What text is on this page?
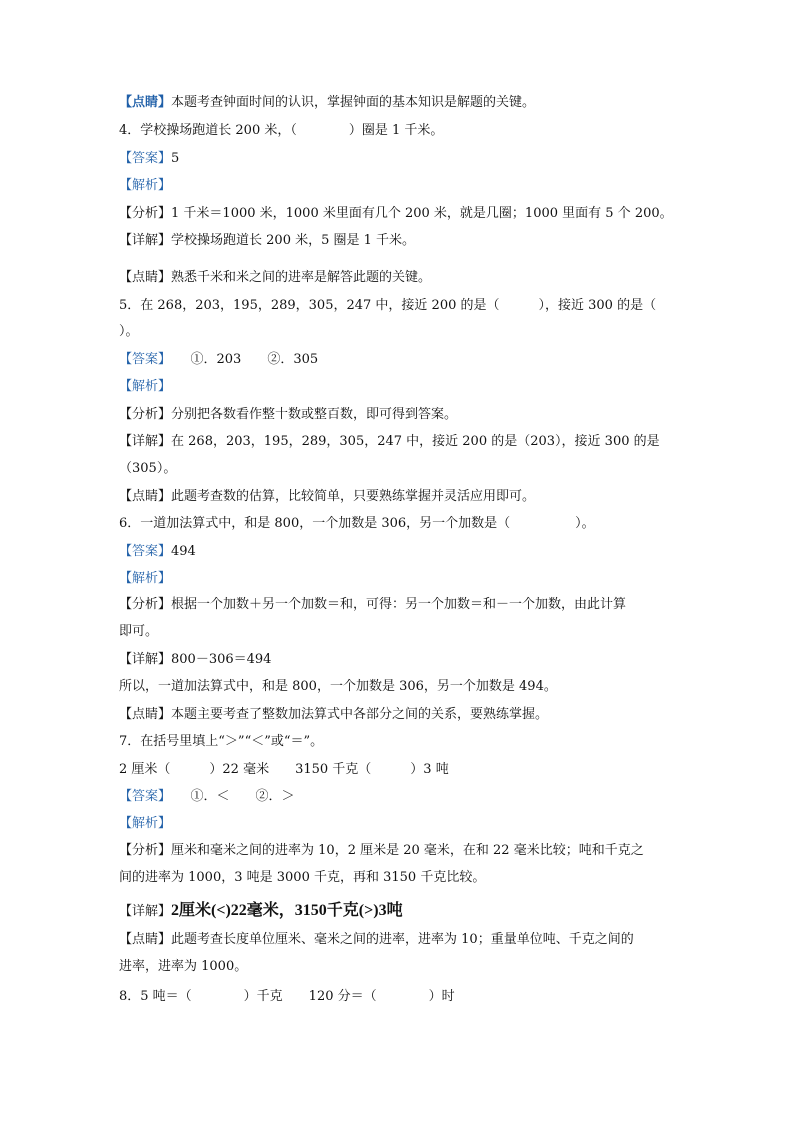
【点睛】本题考查钟面时间的认识，掌握钟面的基本知识是解题的关键。
4．学校操场跑道长 200 米，（　　　　）圈是 1 千米。
【答案】5
【解析】
【分析】1 千米＝1000 米，1000 米里面有几个 200 米，就是几圈；1000 里面有 5 个 200。
【详解】学校操场跑道长 200 米，5 圈是 1 千米。
【点睛】熟悉千米和米之间的进率是解答此题的关键。
5．在 268，203，195，289，305，247 中，接近 200 的是（　　　），接近 300 的是（
）。
【答案】　　①．203　　②．305
【解析】
【分析】分别把各数看作整十数或整百数，即可得到答案。
【详解】在 268，203，195，289，305，247 中，接近 200 的是（203），接近 300 的是
（305）。
【点睛】此题考查数的估算，比较简单，只要熟练掌握并灵活应用即可。
6．一道加法算式中，和是 800，一个加数是 306，另一个加数是（　　　　　）。
【答案】494
【解析】
【分析】根据一个加数＋另一个加数＝和，可得：另一个加数＝和－一个加数，由此计算
即可。
【详解】800－306＝494
所以，一道加法算式中，和是 800，一个加数是 306，另一个加数是 494。
【点睛】本题主要考查了整数加法算式中各部分之间的关系，要熟练掌握。
7．在括号里填上“＞”“＜”或“＝”。
2 厘米（　　　）22 毫米　　3150 千克（　　　）3 吨
【答案】　　①．＜　　②．＞
【解析】
【分析】厘米和毫米之间的进率为 10，2 厘米是 20 毫米，在和 22 毫米比较；吨和千克之
间的进率为 1000，3 吨是 3000 千克，再和 3150 千克比较。
【详解】2厘米(<)22毫米，3150千克(>)3吨
【点睛】此题考查长度单位厘米、毫米之间的进率，进率为 10；重量单位吨、千克之间的
进率，进率为 1000。
8．5 吨＝（　　　　）千克　　120 分＝（　　　　）时
